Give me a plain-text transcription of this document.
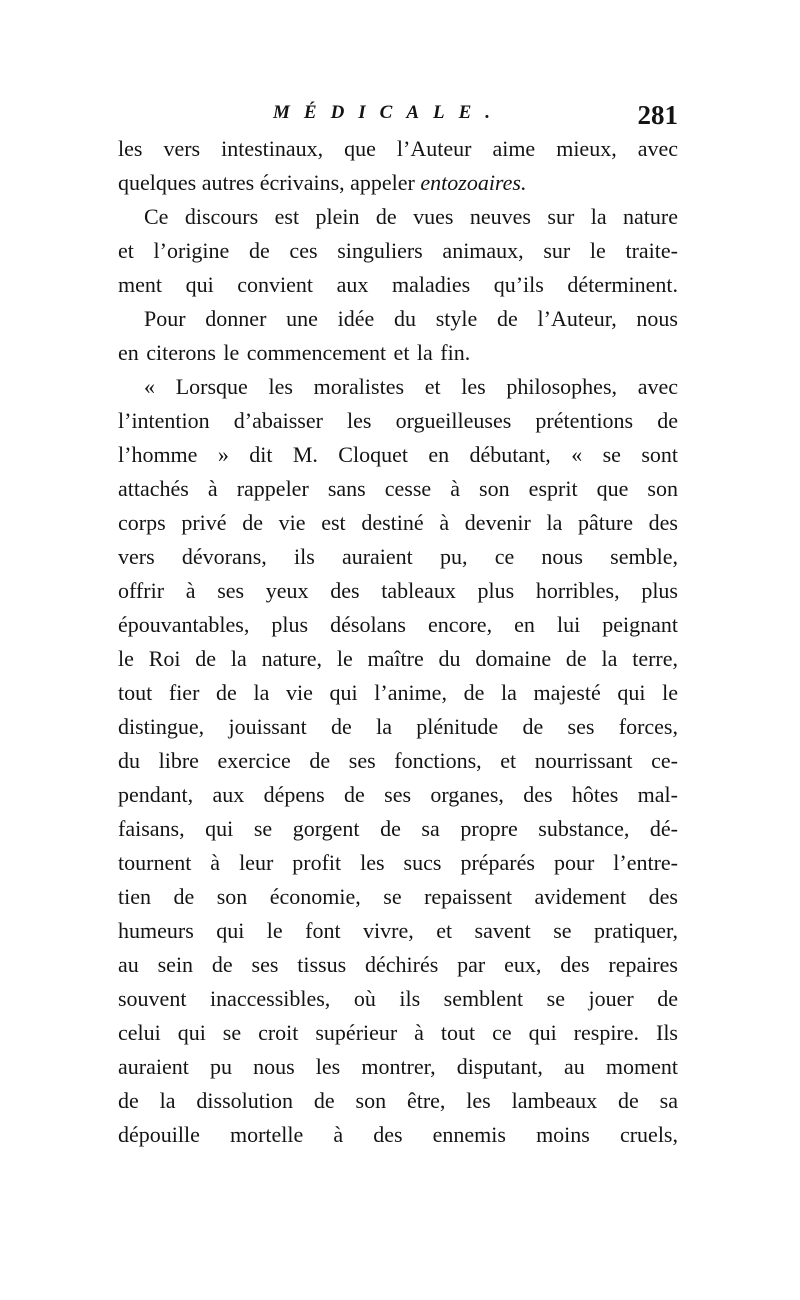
MÉDICALE.	281
les vers intestinaux, que l’Auteur aime mieux, avec
quelques autres écrivains, appeler entozoaires.
Ce discours est plein de vues neuves sur la nature
et l’origine de ces singuliers animaux, sur le traite-
ment qui convient aux maladies qu’ils déterminent.
Pour donner une idée du style de l’Auteur, nous
en citerons le commencement et la fin.
« Lorsque les moralistes et les philosophes, avec
l’intention d’abaisser les orgueilleuses prétentions de
l’homme » dit M. Cloquet en débutant, « se sont
attachés à rappeler sans cesse à son esprit que son
corps privé de vie est destiné à devenir la pâture des
vers dévorans, ils auraient pu, ce nous semble,
offrir à ses yeux des tableaux plus horribles, plus
épouvantables, plus désolans encore, en lui peignant
le Roi de la nature, le maître du domaine de la terre,
tout fier de la vie qui l’anime, de la majesté qui le
distingue, jouissant de la plénitude de ses forces,
du libre exercice de ses fonctions, et nourrissant ce-
pendant, aux dépens de ses organes, des hôtes mal-
faisans, qui se gorgent de sa propre substance, dé-
tournent à leur profit les sucs préparés pour l’entre-
tien de son économie, se repaissent avidement des
humeurs qui le font vivre, et savent se pratiquer,
au sein de ses tissus déchirés par eux, des repaires
souvent inaccessibles, où ils semblent se jouer de
celui qui se croit supérieur à tout ce qui respire. Ils
auraient pu nous les montrer, disputant, au moment
de la dissolution de son être, les lambeaux de sa
dépouille mortelle à des ennemis moins cruels,
